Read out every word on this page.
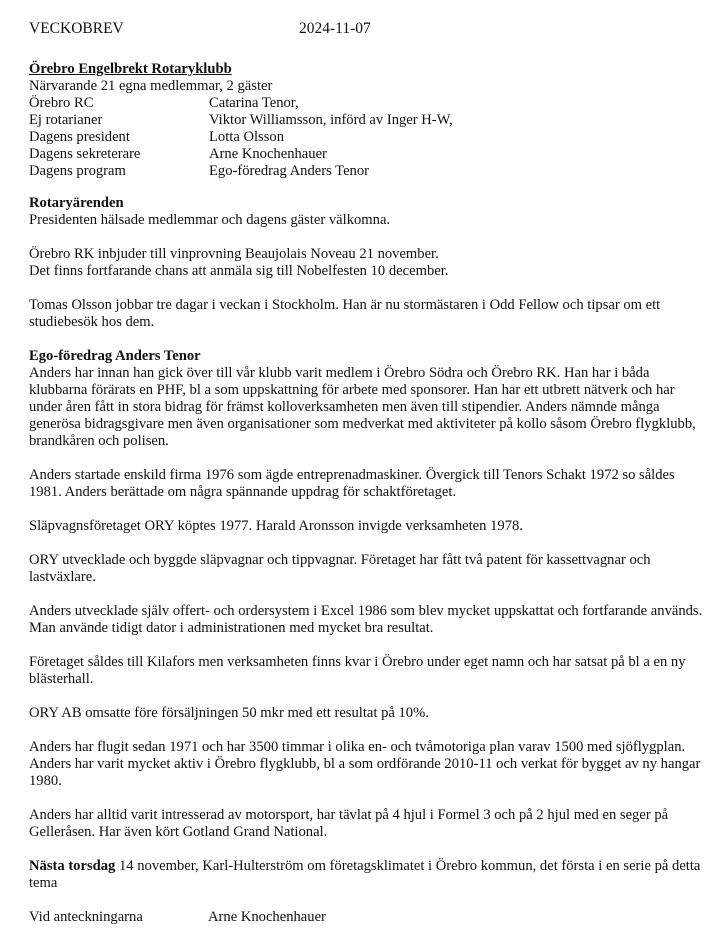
VECKOBREV	2024-11-07
Örebro Engelbrekt Rotaryklubb
Närvarande 21 egna medlemmar, 2 gäster
Örebro RC	Catarina Tenor,
Ej rotarianer	Viktor Williamsson, införd av Inger H-W,
Dagens president	Lotta Olsson
Dagens sekreterare	Arne Knochenhauer
Dagens program	Ego-föredrag Anders Tenor
Rotaryärenden

Presidenten hälsade medlemmar och dagens gäster välkomna.

Örebro RK inbjuder till vinprovning Beaujolais Noveau 21 november.

Det finns fortfarande chans att anmäla sig till Nobelfesten 10 december.

Tomas Olsson jobbar tre dagar i veckan i Stockholm. Han är nu stormästaren i Odd Fellow och tipsar om ett studiebesök hos dem.

Ego-föredrag Anders Tenor

Anders har innan han gick över till vår klubb varit medlem i Örebro Södra och Örebro RK. Han har i båda klubbarna förärats en PHF, bl a som uppskattning för arbete med sponsorer. Han har ett utbrett nätverk och har under åren fått in stora bidrag för främst kolloverksamheten men även till stipendier. Anders nämnde många generösa bidragsgivare men även organisationer som medverkat med aktiviteter på kollo såsom Örebro flygklubb, brandkåren och polisen.

Anders startade enskild firma 1976 som ägde entreprenadmaskiner. Övergick till Tenors Schakt 1972 so såldes 1981. Anders berättade om några spännande uppdrag för schaktföretaget.

Släpvagnsföretaget ORY köptes 1977. Harald Aronsson invigde verksamheten 1978.

ORY utvecklade och byggde släpvagnar och tippvagnar. Företaget har fått två patent för kassettvagnar och lastväxlare.

Anders utvecklade själv offert- och ordersystem i Excel 1986 som blev mycket uppskattat och fortfarande används. Man använde tidigt dator i administrationen med mycket bra resultat.

Företaget såldes till Kilafors men verksamheten finns kvar i Örebro under eget namn och har satsat på bl a en ny blästerhall.

ORY AB omsatte före försäljningen 50 mkr med ett resultat på 10%.

Anders har flugit sedan 1971 och har 3500 timmar i olika en- och tvåmotoriga plan varav 1500 med sjöflygplan. Anders har varit mycket aktiv i Örebro flygklubb, bl a som ordförande 2010-11 och verkat för bygget av ny hangar 1980.

Anders har alltid varit intresserad av motorsport, har tävlat på 4 hjul i Formel 3 och på 2 hjul med en seger på Gelleråsen. Har även kört Gotland Grand National.

Nästa torsdag 14 november, Karl-Hulterström om företagsklimatet i Örebro kommun, det första i en serie på detta tema

Vid anteckningarna	Arne Knochenhauer
